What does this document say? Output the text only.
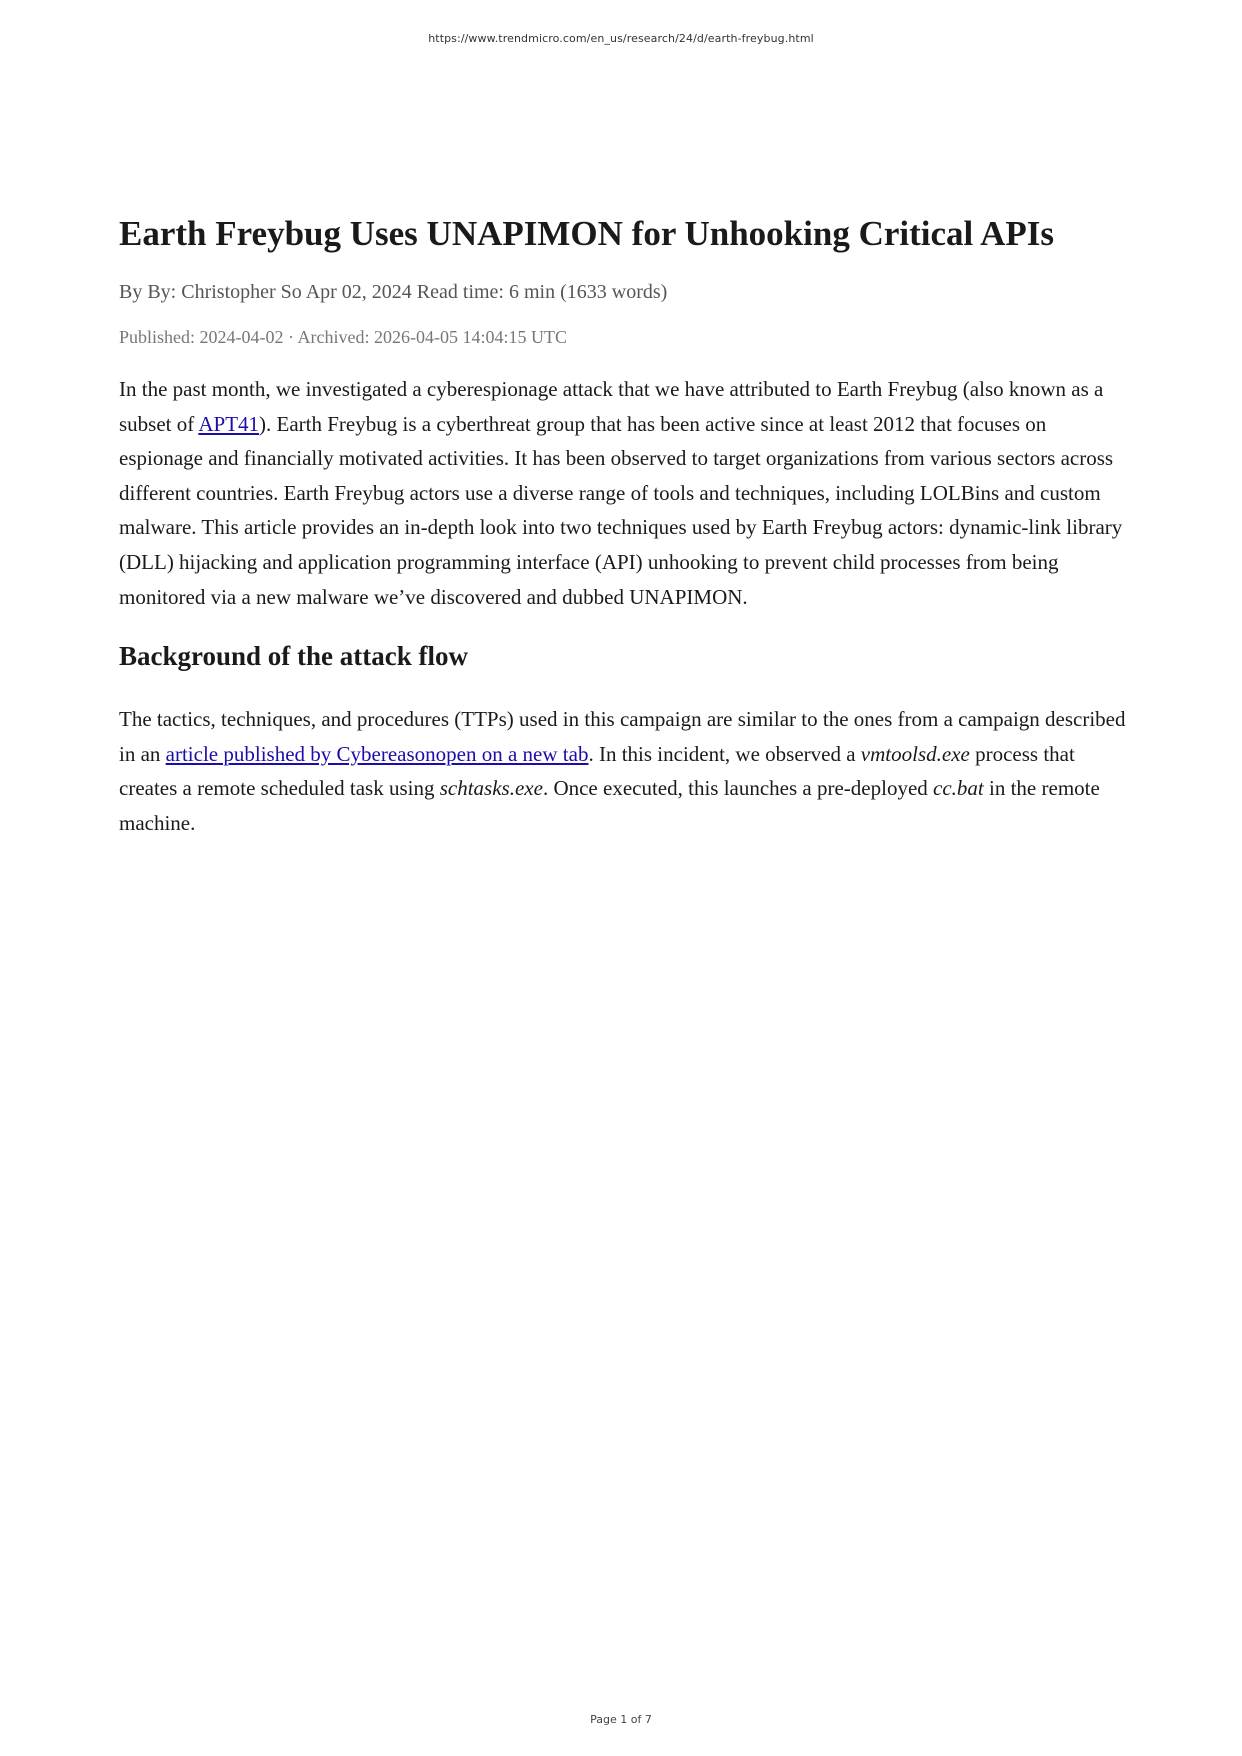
https://www.trendmicro.com/en_us/research/24/d/earth-freybug.html
Earth Freybug Uses UNAPIMON for Unhooking Critical APIs

By By: Christopher So Apr 02, 2024 Read time: 6 min (1633 words)

Published: 2024-04-02 · Archived: 2026-04-05 14:04:15 UTC

In the past month, we investigated a cyberespionage attack that we have attributed to Earth Freybug (also known as a subset of APT41). Earth Freybug is a cyberthreat group that has been active since at least 2012 that focuses on espionage and financially motivated activities. It has been observed to target organizations from various sectors across different countries. Earth Freybug actors use a diverse range of tools and techniques, including LOLBins and custom malware. This article provides an in-depth look into two techniques used by Earth Freybug actors: dynamic-link library (DLL) hijacking and application programming interface (API) unhooking to prevent child processes from being monitored via a new malware we’ve discovered and dubbed UNAPIMON.

Background of the attack flow

The tactics, techniques, and procedures (TTPs) used in this campaign are similar to the ones from a campaign described in an article published by Cybereasonopen on a new tab. In this incident, we observed a vmtoolsd.exe process that creates a remote scheduled task using schtasks.exe. Once executed, this launches a pre-deployed cc.bat in the remote machine.

Page 1 of 7
